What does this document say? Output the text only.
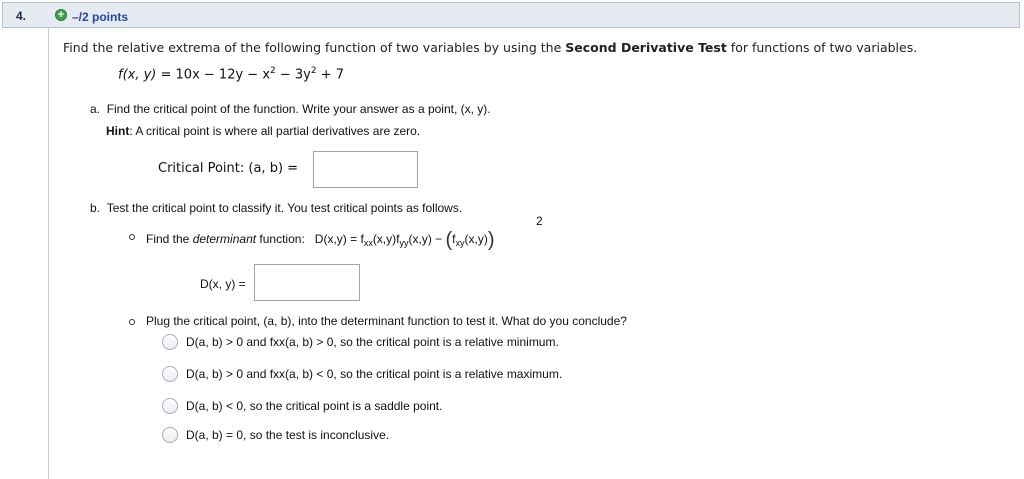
4.	+ –/2 points
Find the relative extrema of the following function of two variables by using the Second Derivative Test for functions of two variables.
f(x, $y) = 10x - 12y - x^2 - 3y^2 + 7$
a. Find the critical point of the function. Write your answer as a point, (x, y).
Hint: A critical point is where all partial derivatives are zero.
Critical Point: (a, b) =
b. Test the critical point to classify it. You test critical points as follows.
Find the determinant function: $D(x,y) = f_{xx}(x,y)f_{yy}(x,y) - (f_{xy}(x,y))$
2
D(x, y) =
Plug the critical point, (a, b), into the determinant function to test it. What do you conclude?
D(a, b) > 0 and fxx(a, b) > 0, so the critical point is a relative minimum.
D(a, b) > 0 and fxx(a, b) < 0, so the critical point is a relative maximum.
D(a, b) < 0, so the critical point is a saddle point.
D(a, b) = 0, so the test is inconclusive.
